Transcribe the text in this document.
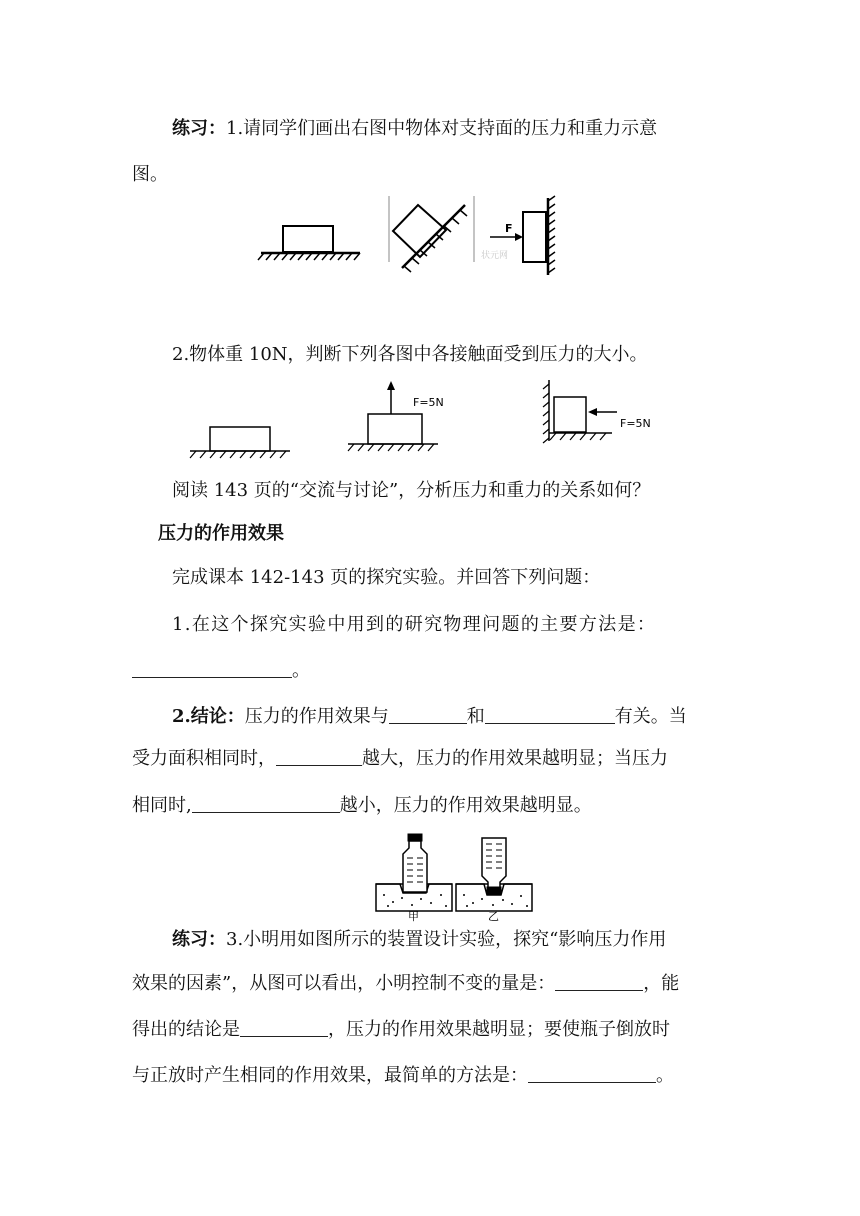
练习：1.请同学们画出右图中物体对支持面的压力和重力示意
图。
F
状元网
2.物体重 10N，判断下列各图中各接触面受到压力的大小。
F=5N
F=5N
阅读 143 页的“交流与讨论”，分析压力和重力的关系如何？
压力的作用效果
完成课本 142-143 页的探究实验。并回答下列问题：
1.在这个探究实验中用到的研究物理问题的主要方法是：
。
2.结论：压力的作用效果与	和	有关。当
受力面积相同时，	越大，压力的作用效果越明显；当压力
相同时,	越小，压力的作用效果越明显。
甲	乙
练习：3.小明用如图所示的装置设计实验，探究“影响压力作用
效果的因素”，从图可以看出，小明控制不变的量是：	，能
得出的结论是	，压力的作用效果越明显；要使瓶子倒放时
与正放时产生相同的作用效果，最简单的方法是：	。
